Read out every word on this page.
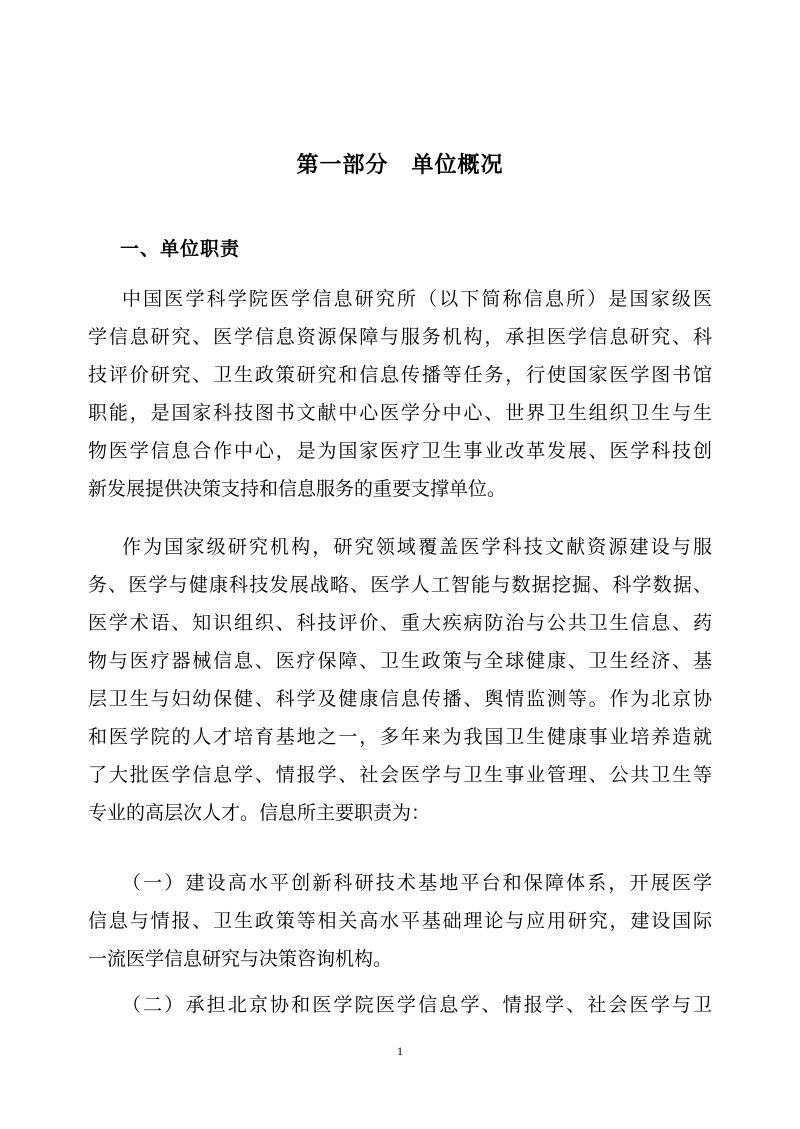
第一部分　单位概况
一、单位职责
中国医学科学院医学信息研究所（以下简称信息所）是国家级医
学信息研究、医学信息资源保障与服务机构，承担医学信息研究、科
技评价研究、卫生政策研究和信息传播等任务，行使国家医学图书馆
职能，是国家科技图书文献中心医学分中心、世界卫生组织卫生与生
物医学信息合作中心，是为国家医疗卫生事业改革发展、医学科技创
新发展提供决策支持和信息服务的重要支撑单位。
作为国家级研究机构，研究领域覆盖医学科技文献资源建设与服
务、医学与健康科技发展战略、医学人工智能与数据挖掘、科学数据、
医学术语、知识组织、科技评价、重大疾病防治与公共卫生信息、药
物与医疗器械信息、医疗保障、卫生政策与全球健康、卫生经济、基
层卫生与妇幼保健、科学及健康信息传播、舆情监测等。作为北京协
和医学院的人才培育基地之一，多年来为我国卫生健康事业培养造就
了大批医学信息学、情报学、社会医学与卫生事业管理、公共卫生等
专业的高层次人才。信息所主要职责为：
（一）建设高水平创新科研技术基地平台和保障体系，开展医学
信息与情报、卫生政策等相关高水平基础理论与应用研究，建设国际
一流医学信息研究与决策咨询机构。
（二）承担北京协和医学院医学信息学、情报学、社会医学与卫
1
